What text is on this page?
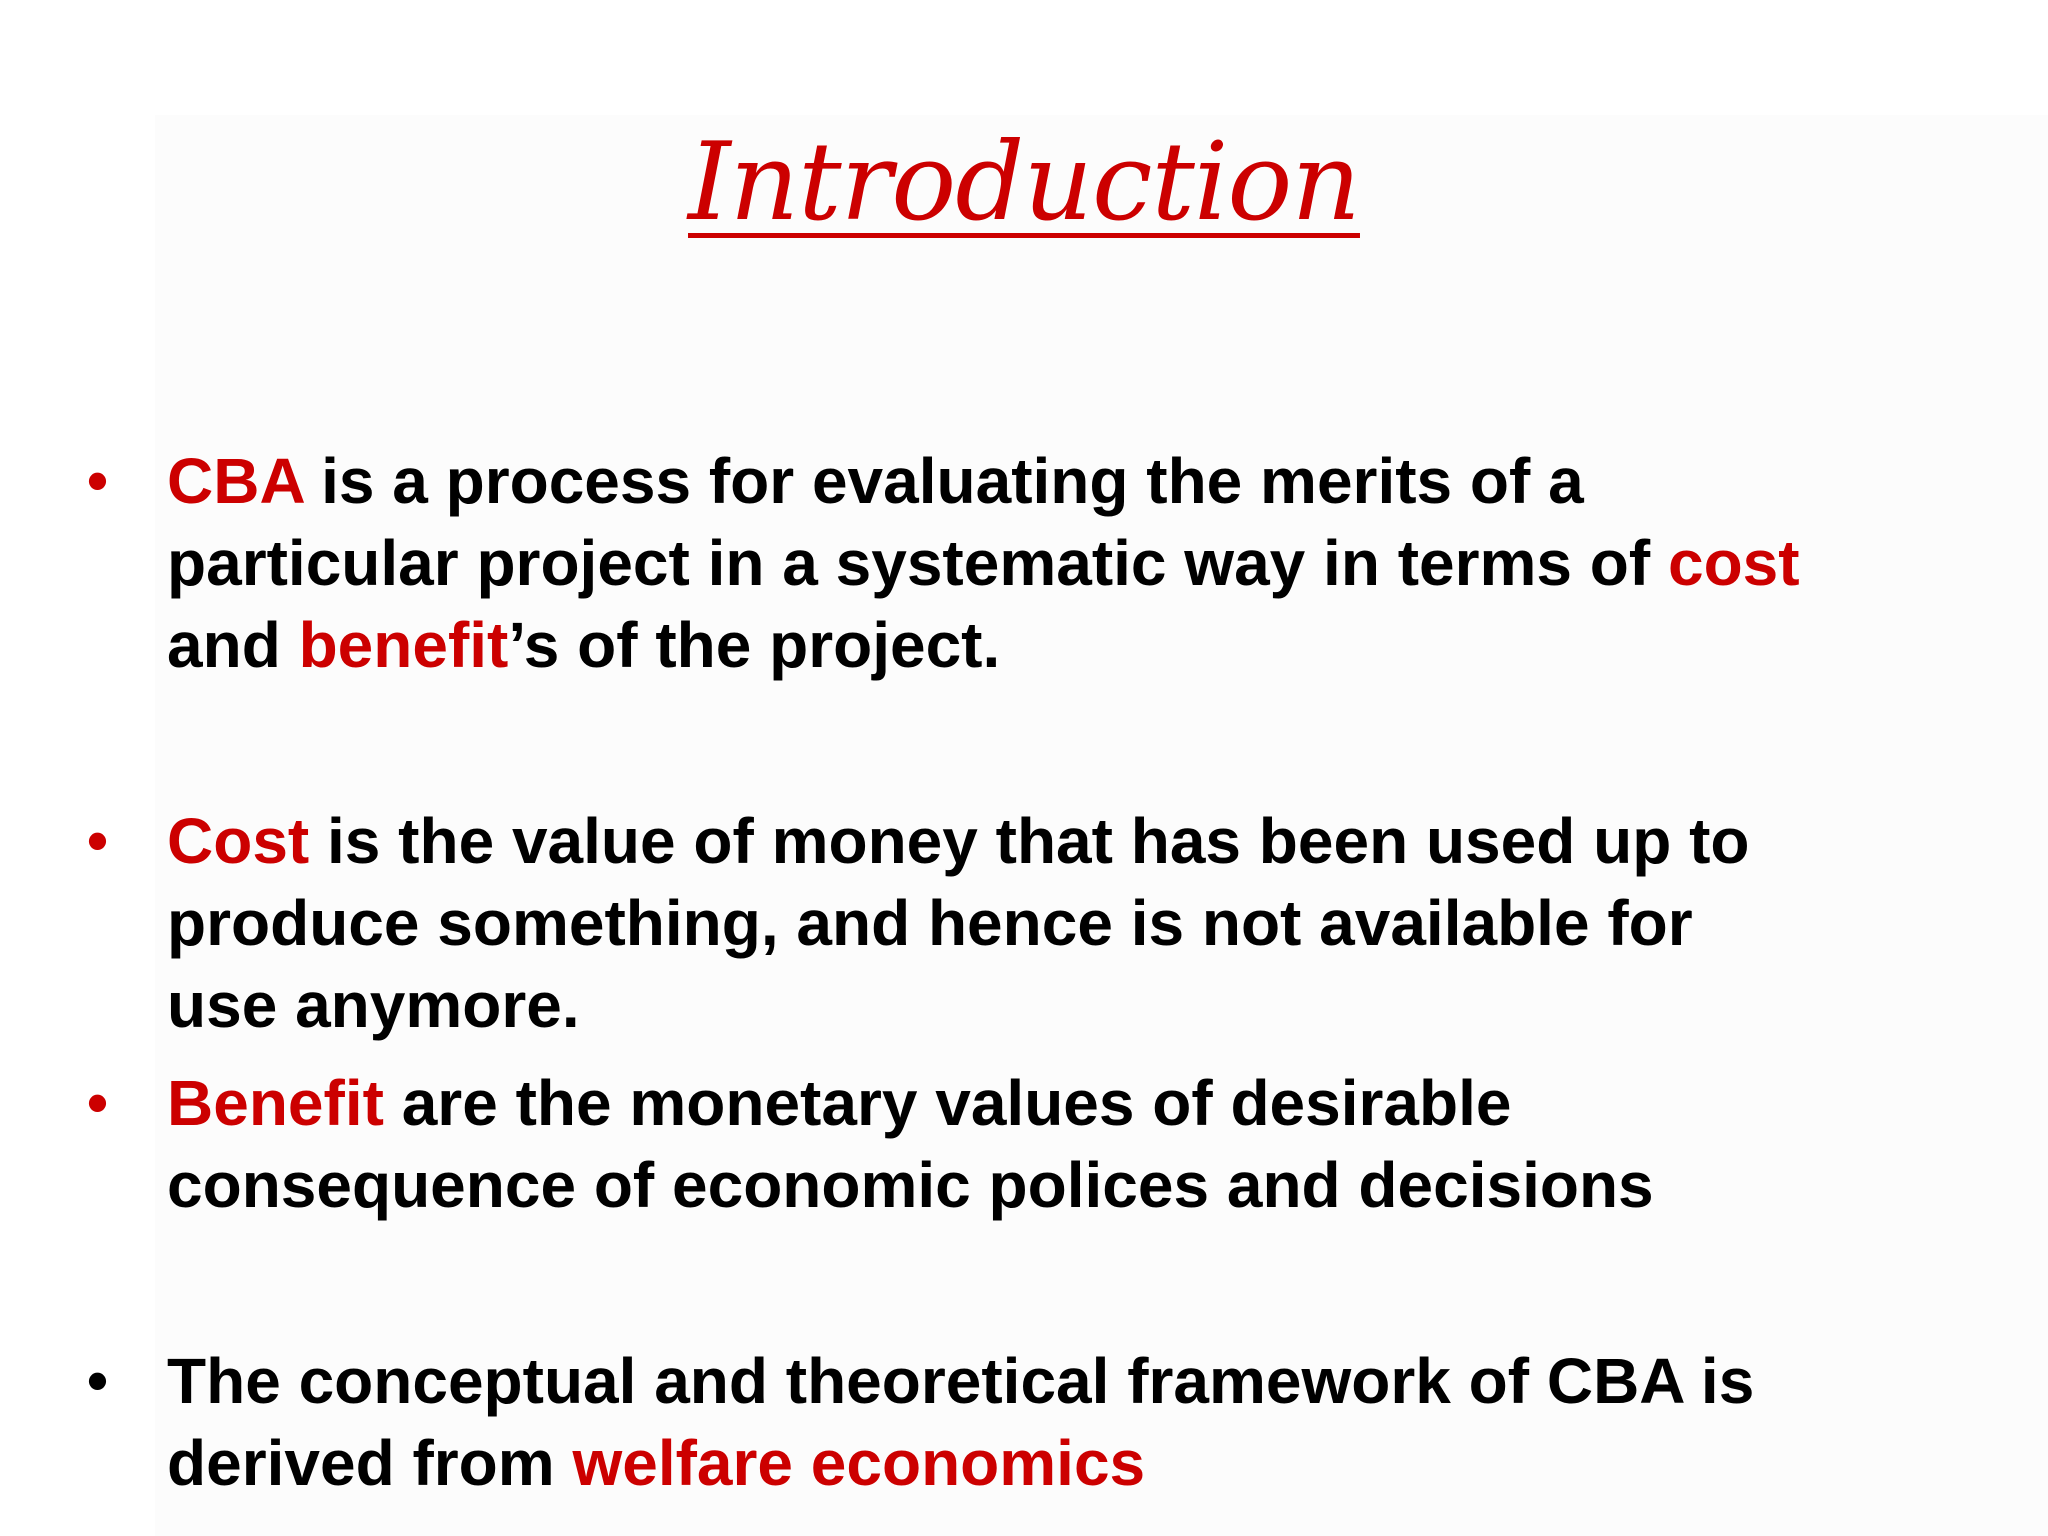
Introduction
• CBA is a process for evaluating the merits of a
particular project in a systematic way in terms of cost
and benefit’s of the project.
• Cost is the value of money that has been used up to
produce something, and hence is not available for
use anymore.
• Benefit are the monetary values of desirable
consequence of economic polices and decisions
• The conceptual and theoretical framework of CBA is
derived from welfare economics
